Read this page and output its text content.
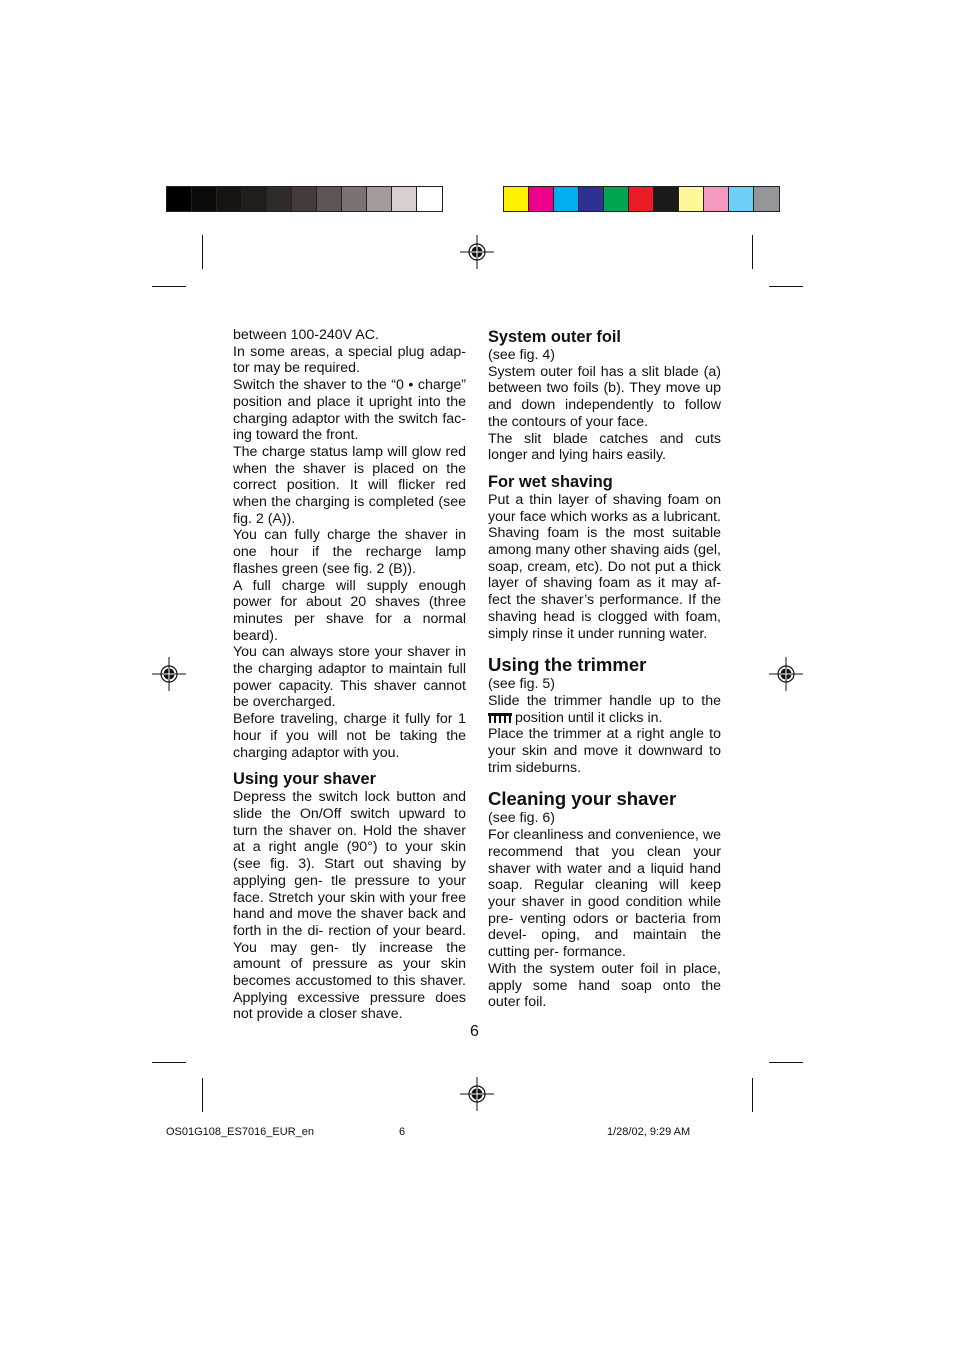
between 100-240V AC.

In some areas, a special plug adap- tor may be required.

Switch the shaver to the “0 • charge” position and place it upright into the charging adaptor with the switch fac- ing toward the front.

The charge status lamp will glow red when the shaver is placed on the correct position. It will flicker red when the charging is completed (see fig. 2 (A)).

You can fully charge the shaver in one hour if the recharge lamp flashes green (see fig. 2 (B)).

A full charge will supply enough power for about 20 shaves (three minutes per shave for a normal beard).

You can always store your shaver in the charging adaptor to maintain full power capacity. This shaver cannot be overcharged.

Before traveling, charge it fully for 1 hour if you will not be taking the charging adaptor with you.

Using your shaver

Depress the switch lock button and slide the On/Off switch upward to turn the shaver on. Hold the shaver at a right angle (90°) to your skin (see fig. 3). Start out shaving by applying gen- tle pressure to your face. Stretch your skin with your free hand and move the shaver back and forth in the di- rection of your beard. You may gen- tly increase the amount of pressure as your skin becomes accustomed to this shaver. Applying excessive pressure does not provide a closer shave.

System outer foil

(see fig. 4)

System outer foil has a slit blade (a) between two foils (b). They move up and down independently to follow the contours of your face.

The slit blade catches and cuts longer and lying hairs easily.

For wet shaving

Put a thin layer of shaving foam on your face which works as a lubricant. Shaving foam is the most suitable among many other shaving aids (gel, soap, cream, etc). Do not put a thick layer of shaving foam as it may af- fect the shaver’s performance. If the shaving head is clogged with foam, simply rinse it under running water.

Using the trimmer

(see fig. 5)

Slide the trimmer handle up to the position until it clicks in.

Place the trimmer at a right angle to your skin and move it downward to trim sideburns.

Cleaning your shaver

(see fig. 6)

For cleanliness and convenience, we recommend that you clean your shaver with water and a liquid hand soap. Regular cleaning will keep your shaver in good condition while pre- venting odors or bacteria from devel- oping, and maintain the cutting per- formance.

With the system outer foil in place, apply some hand soap onto the outer foil.

6
OS01G108_ES7016_EUR_en	6	1/28/02, 9:29 AM
